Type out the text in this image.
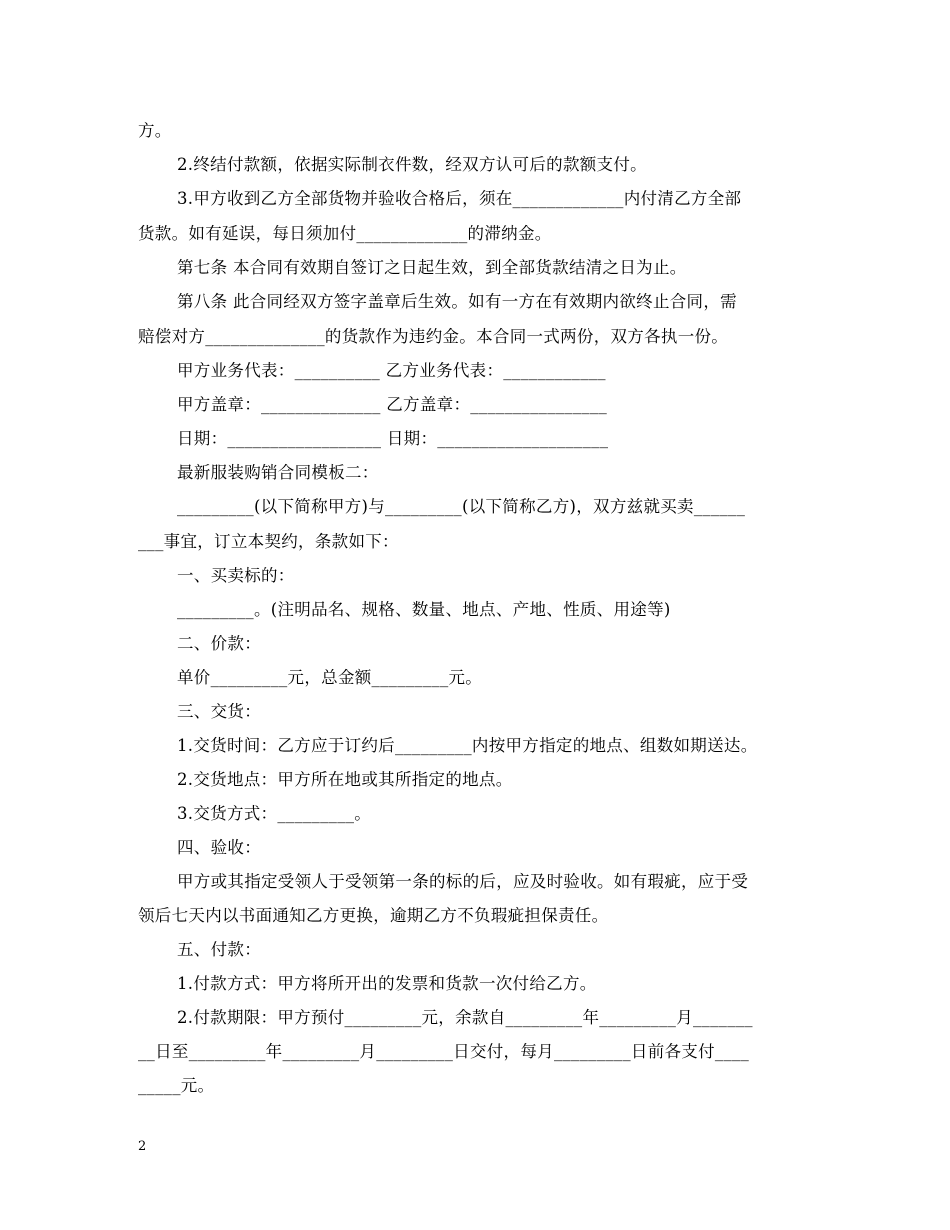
方。
2.终结付款额，依据实际制衣件数，经双方认可后的款额支付。
3.甲方收到乙方全部货物并验收合格后，须在_____________内付清乙方全部
货款。如有延误，每日须加付_____________的滞纳金。
第七条 本合同有效期自签订之日起生效，到全部货款结清之日为止。
第八条 此合同经双方签字盖章后生效。如有一方在有效期内欲终止合同，需
赔偿对方______________的货款作为违约金。本合同一式两份，双方各执一份。
甲方业务代表：__________ 乙方业务代表：____________
甲方盖章：______________ 乙方盖章：________________
日期：__________________ 日期：____________________
最新服装购销合同模板二：
_________(以下简称甲方)与_________(以下简称乙方)，双方兹就买卖______
___事宜，订立本契约，条款如下：
一、买卖标的：
_________。(注明品名、规格、数量、地点、产地、性质、用途等)
二、价款：
单价_________元，总金额_________元。
三、交货：
1.交货时间：乙方应于订约后_________内按甲方指定的地点、组数如期送达。
2.交货地点：甲方所在地或其所指定的地点。
3.交货方式：_________。
四、验收：
甲方或其指定受领人于受领第一条的标的后，应及时验收。如有瑕疵，应于受
领后七天内以书面通知乙方更换，逾期乙方不负瑕疵担保责任。
五、付款：
1.付款方式：甲方将所开出的发票和货款一次付给乙方。
2.付款期限：甲方预付_________元，余款自_________年_________月_______
__日至_________年_________月_________日交付，每月_________日前各支付____
_____元。
2
